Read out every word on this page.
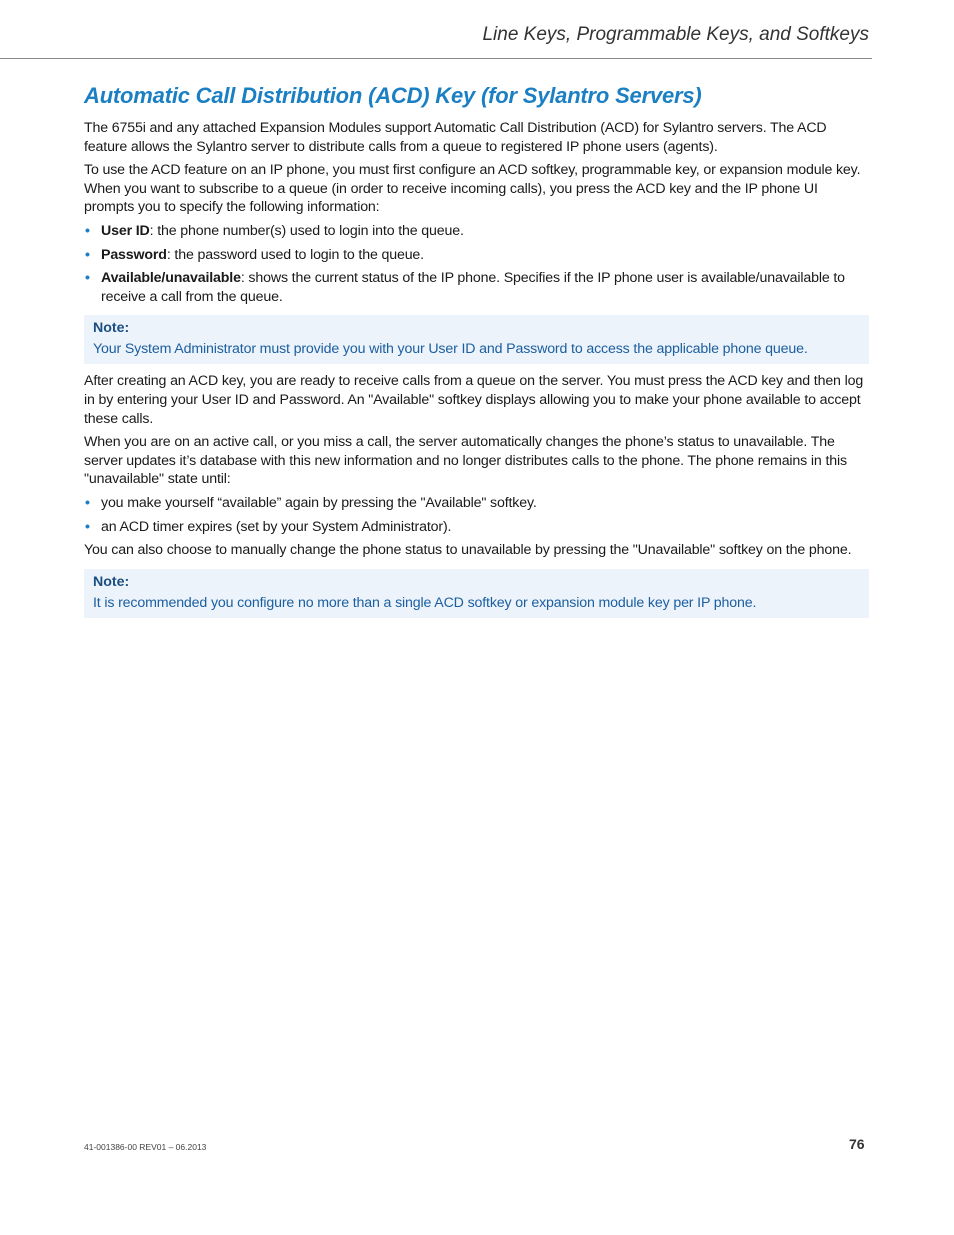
Line Keys, Programmable Keys, and Softkeys
Automatic Call Distribution (ACD) Key (for Sylantro Servers)

The 6755i and any attached Expansion Modules support Automatic Call Distribution (ACD) for Sylantro servers. The ACD feature allows the Sylantro server to distribute calls from a queue to registered IP phone users (agents).

To use the ACD feature on an IP phone, you must first configure an ACD softkey, programmable key, or expansion module key. When you want to subscribe to a queue (in order to receive incoming calls), you press the ACD key and the IP phone UI prompts you to specify the following information:

• User ID: the phone number(s) used to login into the queue.
• Password: the password used to login to the queue.
• Available/unavailable: shows the current status of the IP phone. Specifies if the IP phone user is available/unavailable to receive a call from the queue.
Note:
Your System Administrator must provide you with your User ID and Password to access the applicable phone queue.

After creating an ACD key, you are ready to receive calls from a queue on the server. You must press the ACD key and then log in by entering your User ID and Password. An "Available" softkey displays allowing you to make your phone available to accept these calls.

When you are on an active call, or you miss a call, the server automatically changes the phone’s status to unavailable. The server updates it’s database with this new information and no longer distributes calls to the phone. The phone remains in this "unavailable" state until:

• you make yourself “available” again by pressing the "Available" softkey.
• an ACD timer expires (set by your System Administrator).

You can also choose to manually change the phone status to unavailable by pressing the "Unavailable" softkey on the phone.

Note:
It is recommended you configure no more than a single ACD softkey or expansion module key per IP phone.
41-001386-00 REV01 – 06.2013	76
